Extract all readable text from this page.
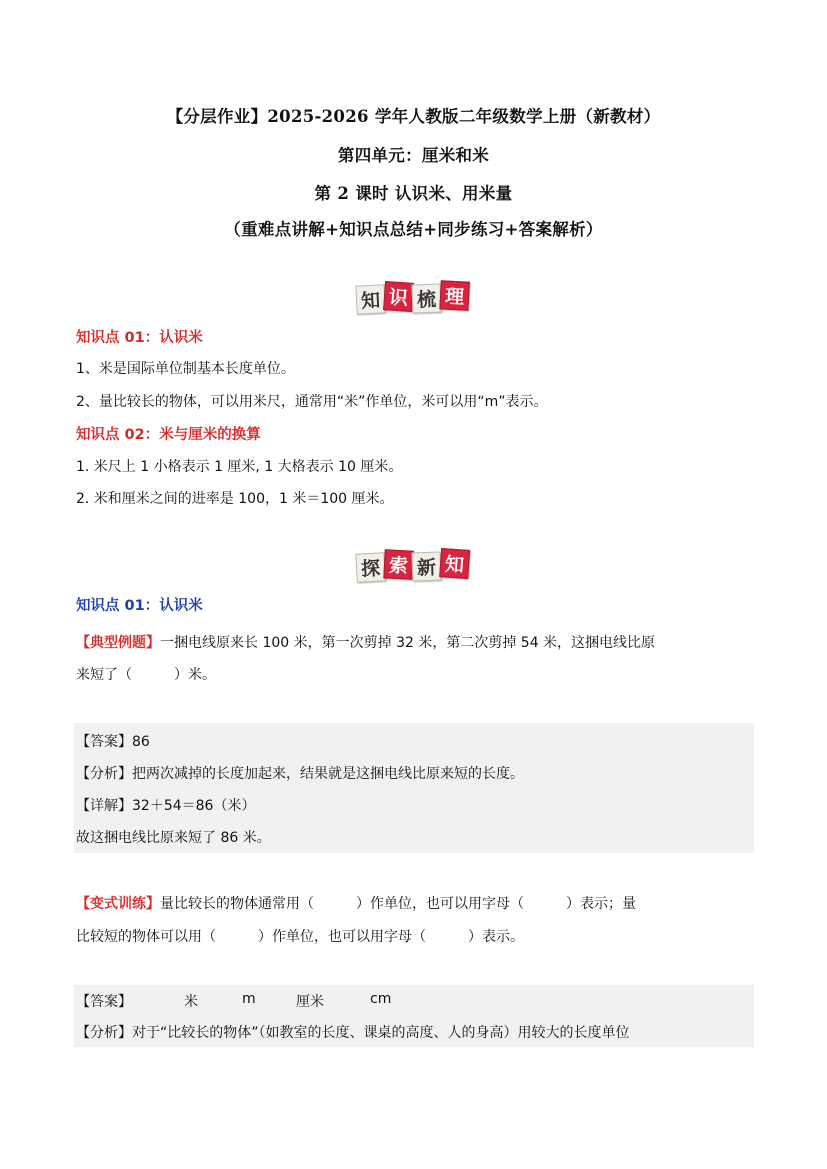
【分层作业】2025-2026 学年人教版二年级数学上册（新教材）
第四单元：厘米和米
第 2 课时 认识米、用米量
（重难点讲解+知识点总结+同步练习+答案解析）
知 识 梳 理
知识点 01：认识米
1、米是国际单位制基本长度单位。
2、量比较长的物体，可以用米尺，通常用“米”作单位，米可以用“m”表示。
知识点 02：米与厘米的换算
1. 米尺上 1 小格表示 1 厘米, 1 大格表示 10 厘米。
2. 米和厘米之间的进率是 100，1 米＝100 厘米。
探 索 新 知
知识点 01：认识米
【典型例题】一捆电线原来长 100 米，第一次剪掉 32 米，第二次剪掉 54 米，这捆电线比原
来短了（　　　）米。
【答案】86
【分析】把两次减掉的长度加起来，结果就是这捆电线比原来短的长度。
【详解】32＋54＝86（米）
故这捆电线比原来短了 86 米。
【变式训练】量比较长的物体通常用（　　　）作单位，也可以用字母（　　　）表示；量
比较短的物体可以用（　　　）作单位，也可以用字母（　　　）表示。
【答案】	米	m	厘米	cm
【分析】对于“比较长的物体”（如教室的长度、课桌的高度、人的身高）用较大的长度单位
